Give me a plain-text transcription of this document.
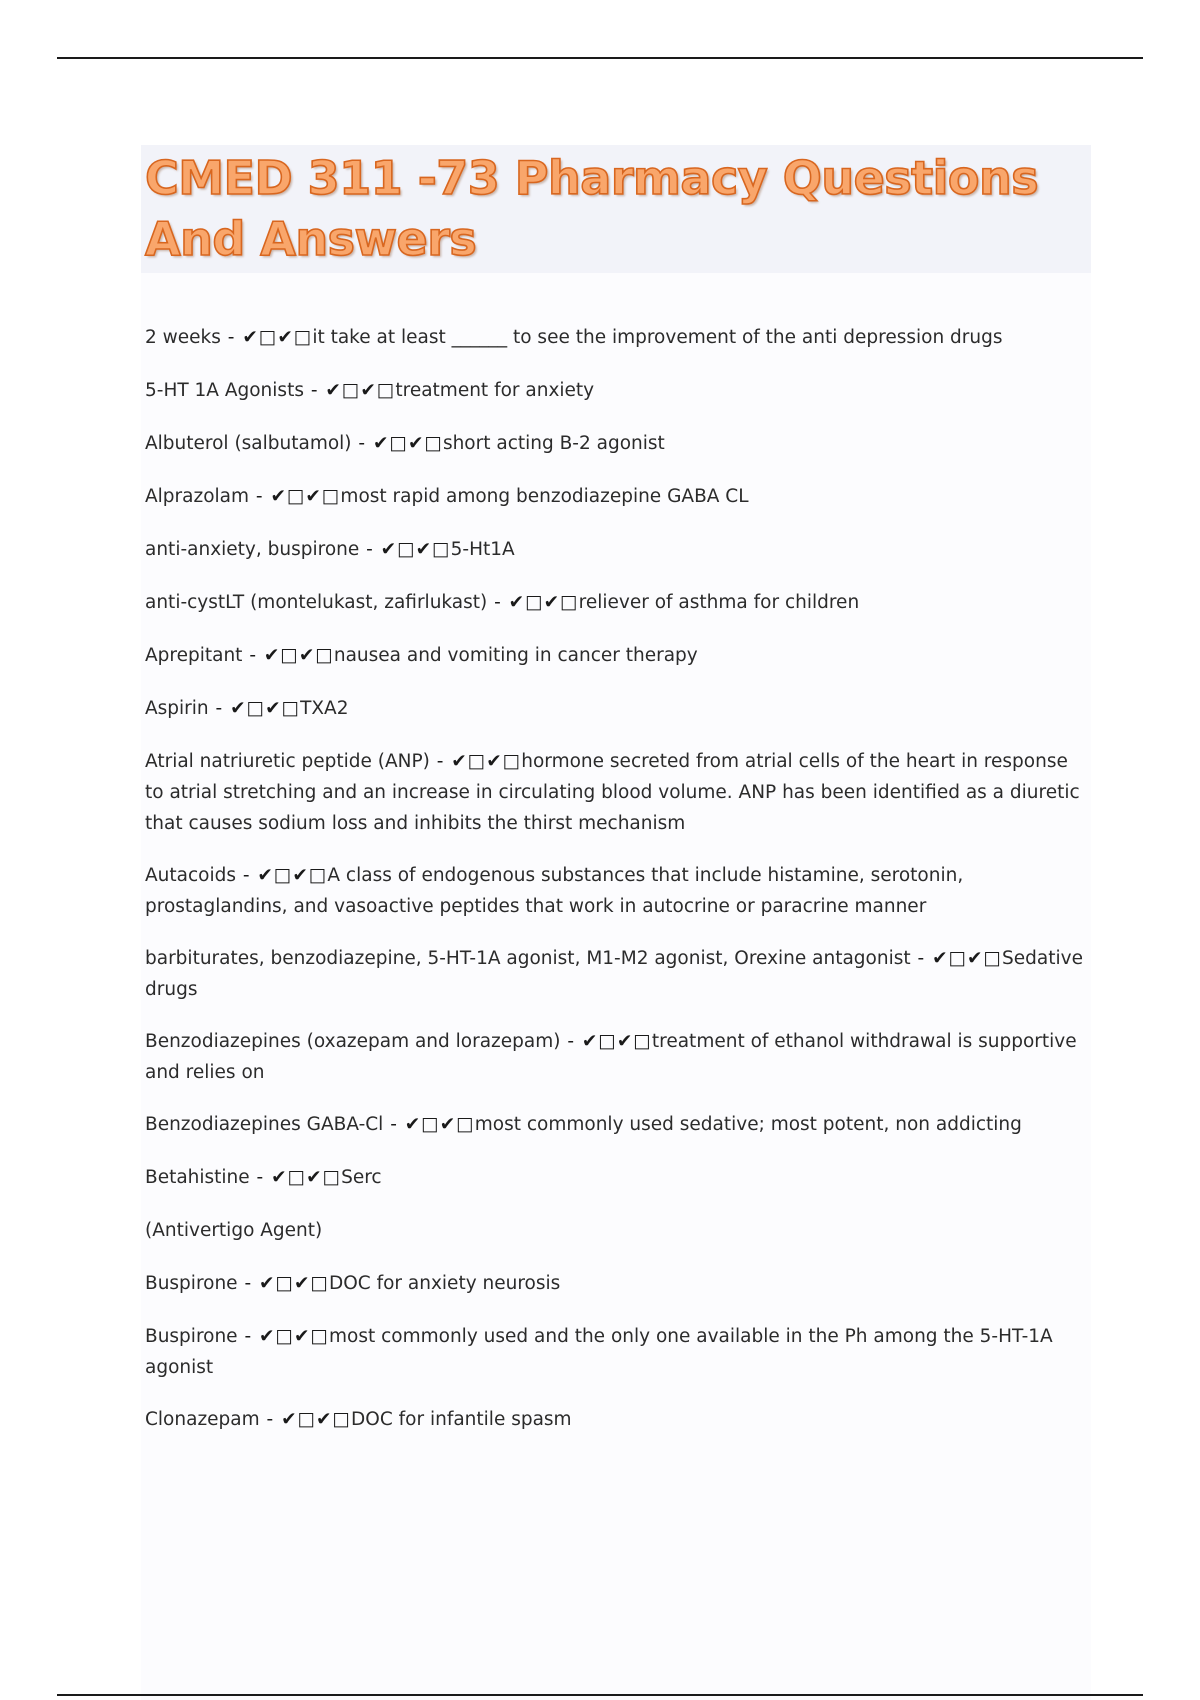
CMED 311 -73 Pharmacy Questions And Answers
2 weeks - ✔□✔□it take at least ______ to see the improvement of the anti depression drugs
5-HT 1A Agonists - ✔□✔□treatment for anxiety
Albuterol (salbutamol) - ✔□✔□short acting B-2 agonist
Alprazolam - ✔□✔□most rapid among benzodiazepine GABA CL
anti-anxiety, buspirone - ✔□✔□5-Ht1A
anti-cystLT (montelukast, zafirlukast) - ✔□✔□reliever of asthma for children
Aprepitant - ✔□✔□nausea and vomiting in cancer therapy
Aspirin - ✔□✔□TXA2
Atrial natriuretic peptide (ANP) - ✔□✔□hormone secreted from atrial cells of the heart in response to atrial stretching and an increase in circulating blood volume. ANP has been identified as a diuretic that causes sodium loss and inhibits the thirst mechanism
Autacoids - ✔□✔□A class of endogenous substances that include histamine, serotonin, prostaglandins, and vasoactive peptides that work in autocrine or paracrine manner
barbiturates, benzodiazepine, 5-HT-1A agonist, M1-M2 agonist, Orexine antagonist - ✔□✔□Sedative drugs
Benzodiazepines (oxazepam and lorazepam) - ✔□✔□treatment of ethanol withdrawal is supportive and relies on
Benzodiazepines GABA-Cl - ✔□✔□most commonly used sedative; most potent, non addicting
Betahistine - ✔□✔□Serc
(Antivertigo Agent)
Buspirone - ✔□✔□DOC for anxiety neurosis
Buspirone - ✔□✔□most commonly used and the only one available in the Ph among the 5-HT-1A agonist
Clonazepam - ✔□✔□DOC for infantile spasm
